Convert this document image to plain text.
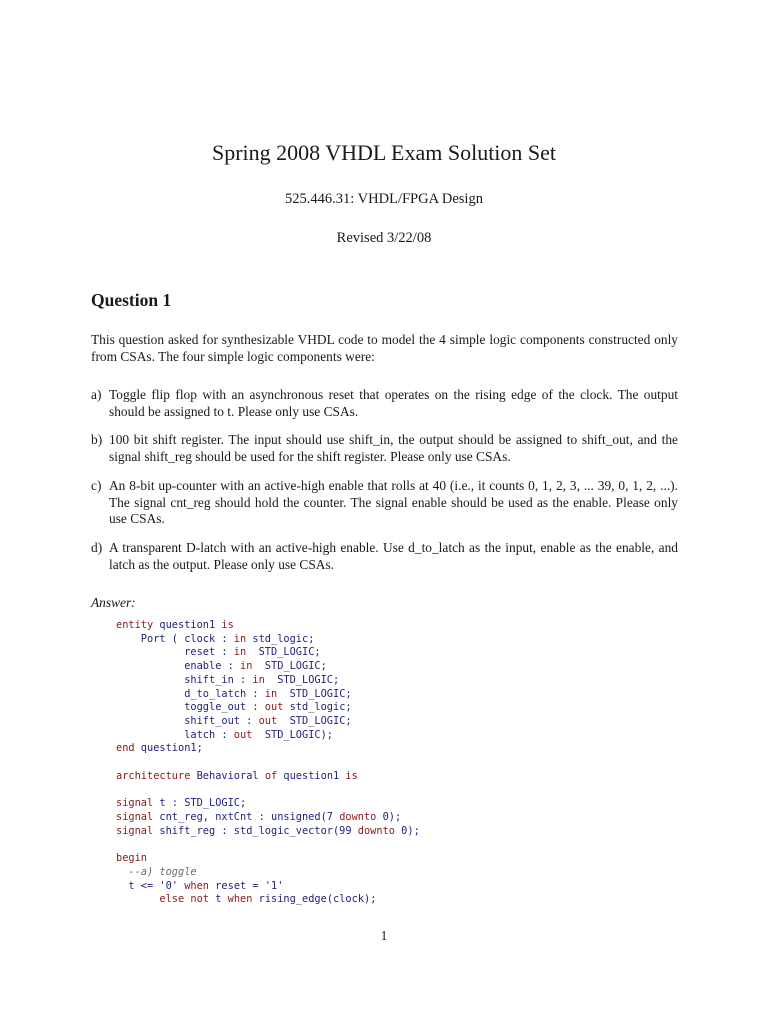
Spring 2008 VHDL Exam Solution Set
525.446.31: VHDL/FPGA Design
Revised 3/22/08
Question 1

This question asked for synthesizable VHDL code to model the 4 simple logic components constructed only from CSAs. The four simple logic components were:

a) Toggle flip flop with an asynchronous reset that operates on the rising edge of the clock. The output should be assigned to t. Please only use CSAs.
b) 100 bit shift register. The input should use shift_in, the output should be assigned to shift_out, and the signal shift_reg should be used for the shift register. Please only use CSAs.
c) An 8-bit up-counter with an active-high enable that rolls at 40 (i.e., it counts 0, 1, 2, 3, ... 39, 0, 1, 2, ...). The signal cnt_reg should hold the counter. The signal enable should be used as the enable. Please only use CSAs.
d) A transparent D-latch with an active-high enable. Use d_to_latch as the input, enable as the enable, and latch as the output. Please only use CSAs.
Answer:
entity question1 is
Port ( clock : in std_logic;
reset : in  STD_LOGIC;
enable : in  STD_LOGIC;
shift_in : in  STD_LOGIC;
d_to_latch : in  STD_LOGIC;
toggle_out : out std_logic;
shift_out : out  STD_LOGIC;
latch : out  STD_LOGIC);
end question1;

architecture Behavioral of question1 is

signal t : STD_LOGIC;
signal cnt_reg, nxtCnt : unsigned(7 downto 0);
signal shift_reg : std_logic_vector(99 downto 0);

begin
--a) toggle
t <= '0' when reset = '1'
else not t when rising_edge(clock);
1
